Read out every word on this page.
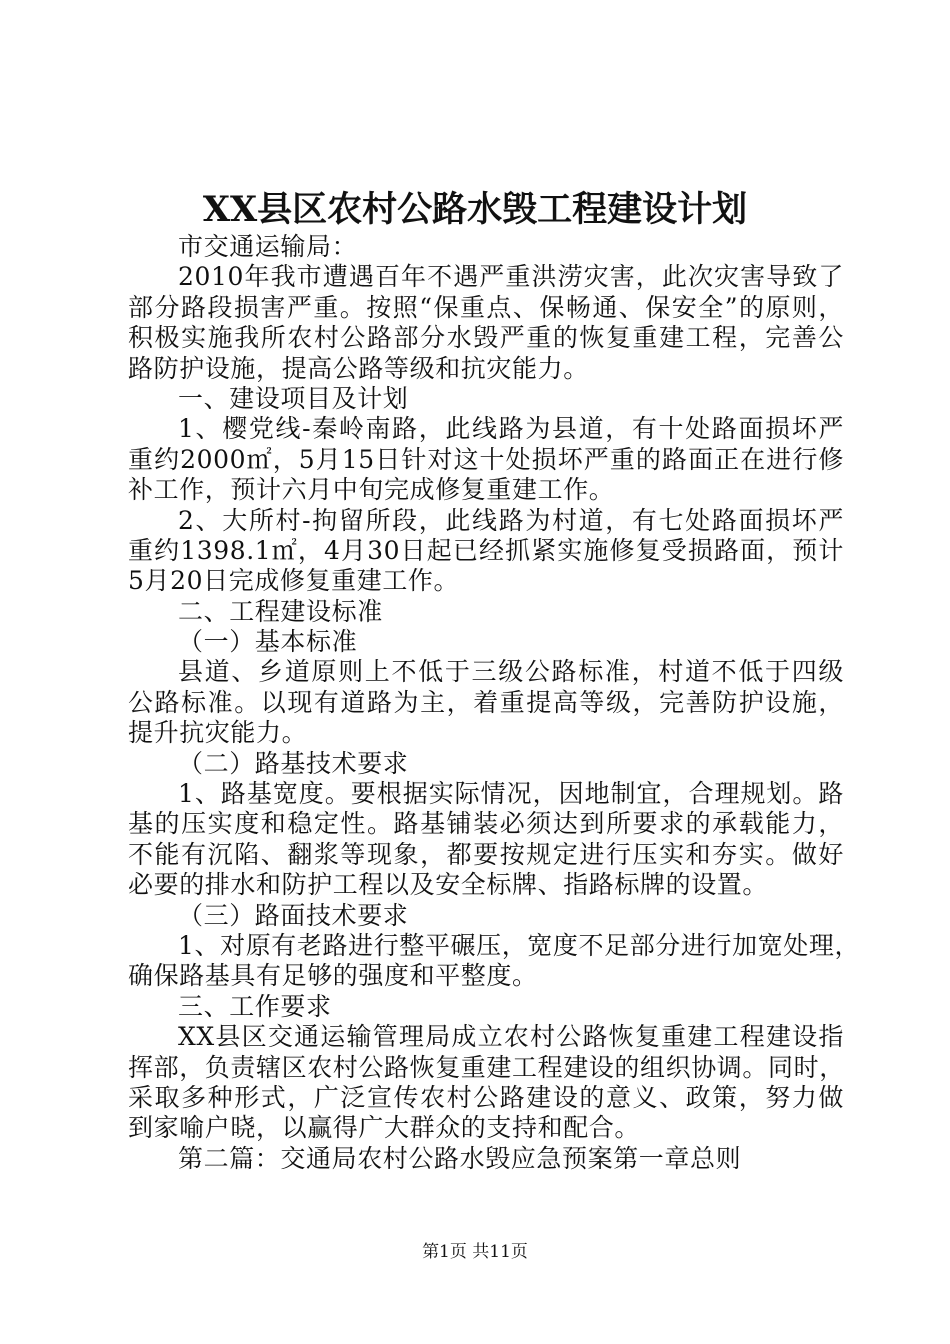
XX县区农村公路水毁工程建设计划
市交通运输局：
2010年我市遭遇百年不遇严重洪涝灾害，此次灾害导致了
部分路段损害严重。按照“保重点、保畅通、保安全”的原则，
积极实施我所农村公路部分水毁严重的恢复重建工程，完善公
路防护设施，提高公路等级和抗灾能力。
一、建设项目及计划
1、樱党线-秦岭南路，此线路为县道，有十处路面损坏严
重约2000㎡，5月15日针对这十处损坏严重的路面正在进行修
补工作，预计六月中旬完成修复重建工作。
2、大所村-拘留所段，此线路为村道，有七处路面损坏严
重约1398.1㎡，4月30日起已经抓紧实施修复受损路面，预计
5月20日完成修复重建工作。
二、工程建设标准
（一）基本标准
县道、乡道原则上不低于三级公路标准，村道不低于四级
公路标准。以现有道路为主，着重提高等级，完善防护设施，
提升抗灾能力。
（二）路基技术要求
1、路基宽度。要根据实际情况，因地制宜，合理规划。路
基的压实度和稳定性。路基铺装必须达到所要求的承载能力，
不能有沉陷、翻浆等现象，都要按规定进行压实和夯实。做好
必要的排水和防护工程以及安全标牌、指路标牌的设置。
（三）路面技术要求
1、对原有老路进行整平碾压，宽度不足部分进行加宽处理，
确保路基具有足够的强度和平整度。
三、工作要求
XX县区交通运输管理局成立农村公路恢复重建工程建设指
挥部，负责辖区农村公路恢复重建工程建设的组织协调。同时，
采取多种形式，广泛宣传农村公路建设的意义、政策，努力做
到家喻户晓，以赢得广大群众的支持和配合。
第二篇：交通局农村公路水毁应急预案第一章总则
第1页 共11页
